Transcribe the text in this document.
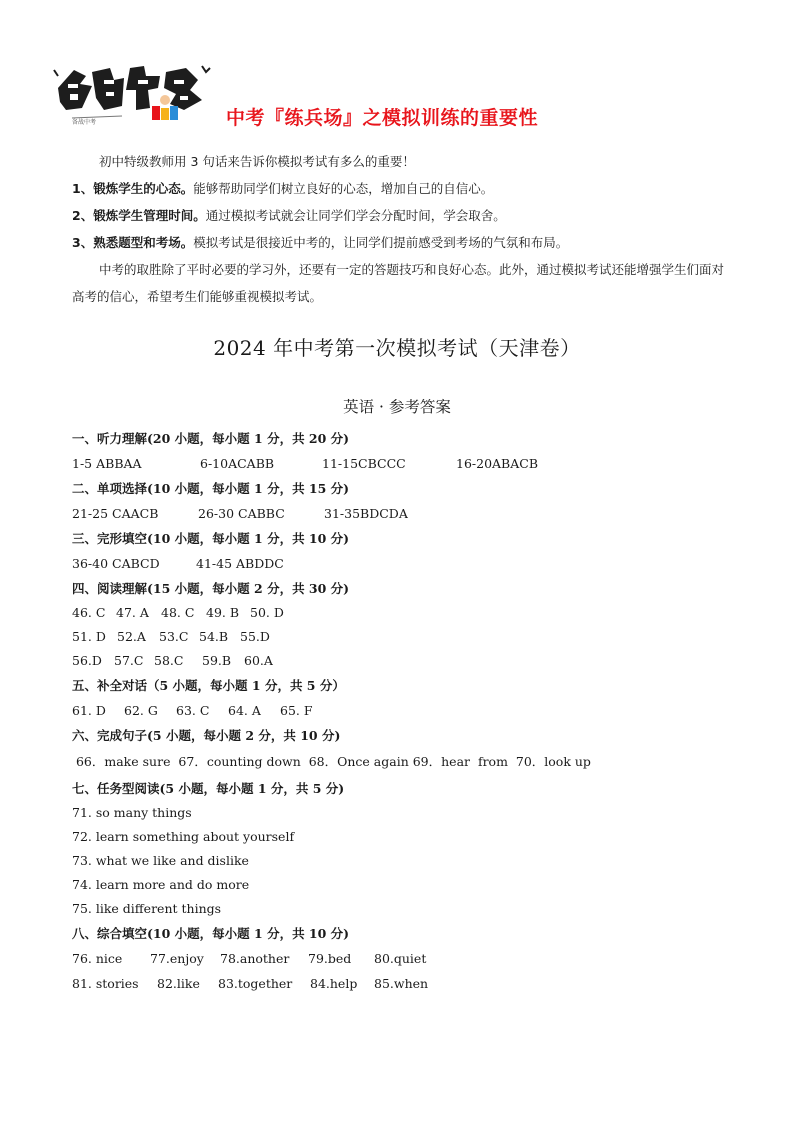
备战中考	中考『练兵场』之模拟训练的重要性

初中特级教师用 3 句话来告诉你模拟考试有多么的重要！

1、锻炼学生的心态。能够帮助同学们树立良好的心态，增加自己的自信心。

2、锻炼学生管理时间。通过模拟考试就会让同学们学会分配时间，学会取舍。

3、熟悉题型和考场。模拟考试是很接近中考的，让同学们提前感受到考场的气氛和布局。

中考的取胜除了平时必要的学习外，还要有一定的答题技巧和良好心态。此外，通过模拟考试还能增强学生们面对高考的信心，希望考生们能够重视模拟考试。

2024 年中考第一次模拟考试（天津卷）
英语 · 参考答案
一、听力理解(20 小题，每小题 1 分，共 20 分)
1-5 ABBAA	6-10ACABB	11-15CBCCC	16-20ABACB
二、单项选择(10 小题，每小题 1 分，共 15 分)
21-25 CAACB	26-30 CABBC	31-35BDCDA
三、完形填空(10 小题，每小题 1 分，共 10 分)
36-40 CABCD	41-45 ABDDC
四、阅读理解(15 小题，每小题 2 分，共 30 分)
46. C 47. A 48. C 49. B 50. D
51. D 52.A 53.C 54.B 55.D
56.D 57.C 58.C 59.B 60.A
五、补全对话（5 小题，每小题 1 分，共 5 分）
61. D 62. G 63. C 64. A 65. F
六、完成句子(5 小题，每小题 2 分，共 10 分)
66．make sure  67．counting down  68．Once again 69．hear  from  70．look up
七、任务型阅读(5 小题，每小题 1 分，共 5 分)
71. so many things
72. learn something about yourself
73. what we like and dislike
74. learn more and do more
75. like different things
八、综合填空(10 小题，每小题 1 分，共 10 分)
76. nice 77.enjoy 78.another 79.bed 80.quiet
81. stories 82.like 83.together 84.help 85.when
